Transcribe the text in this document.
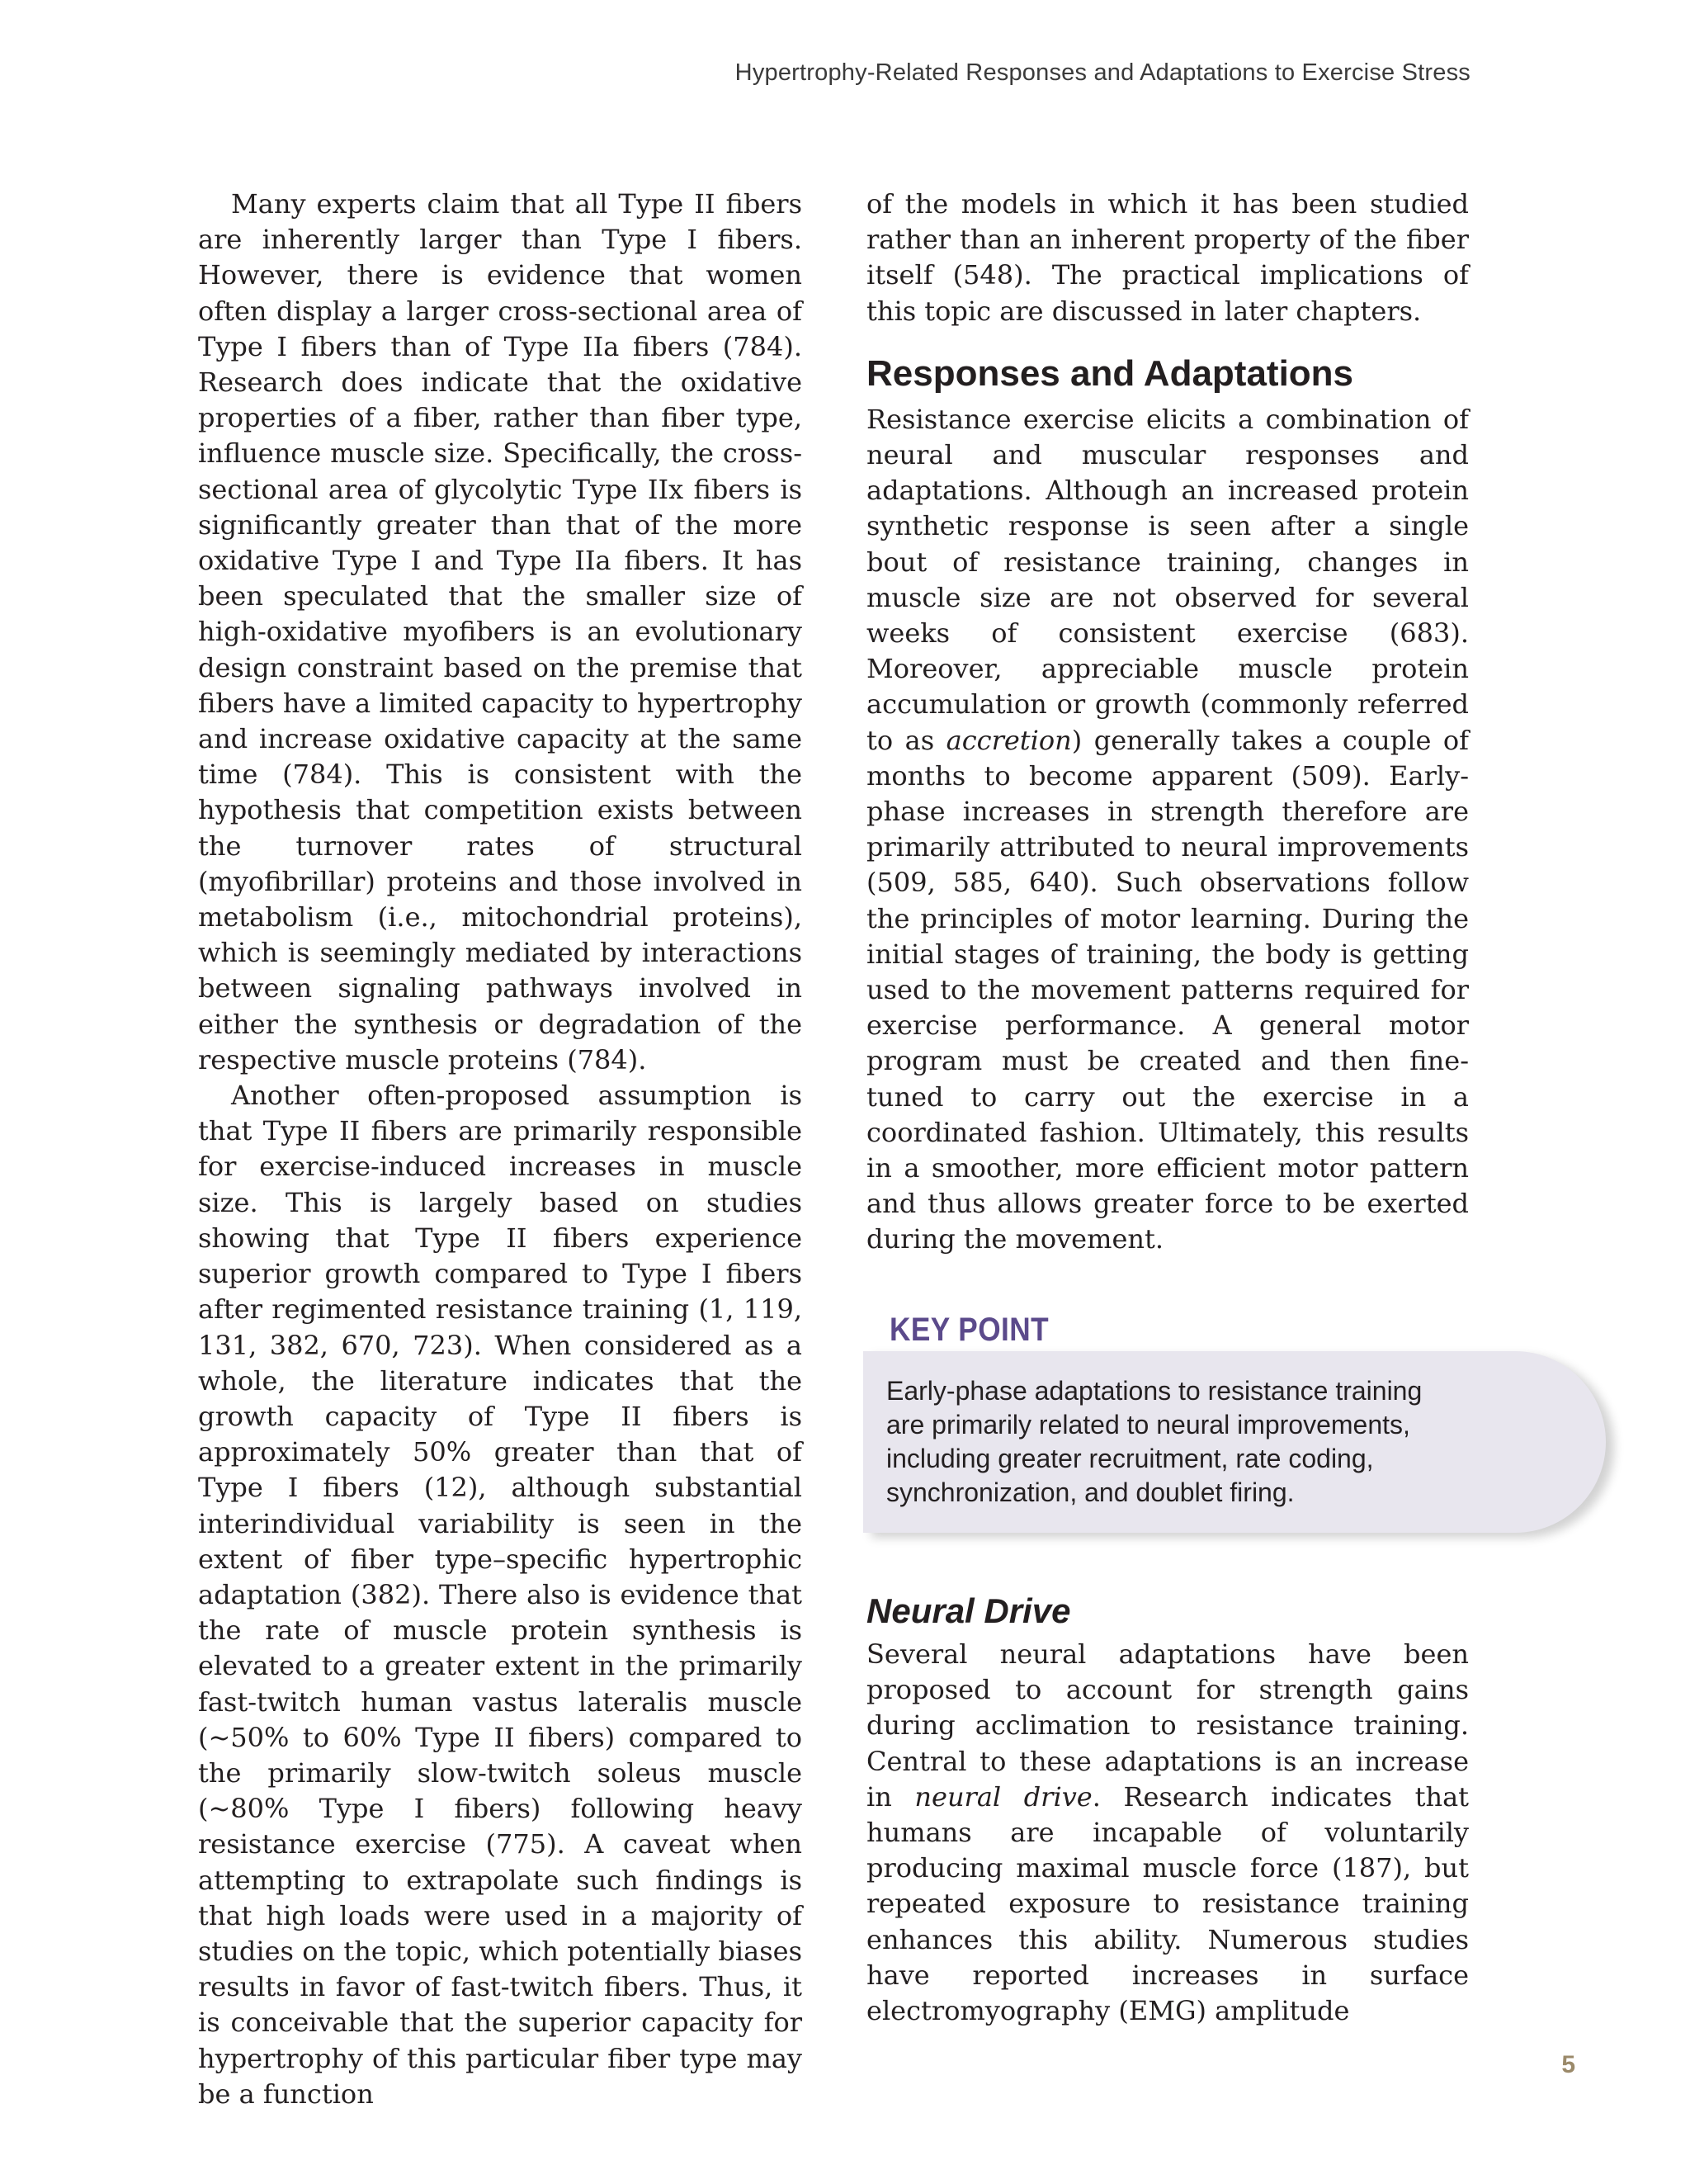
Hypertrophy-Related Responses and Adaptations to Exercise Stress

Many experts claim that all Type II fibers are inherently larger than Type I fibers. However, there is evidence that women often display a larger cross-sectional area of Type I fibers than of Type IIa fibers (784). Research does indicate that the oxidative properties of a fiber, rather than fiber type, influence muscle size. Specifically, the cross-sectional area of glycolytic Type IIx fibers is significantly greater than that of the more oxidative Type I and Type IIa fibers. It has been speculated that the smaller size of high-oxidative myofibers is an evolutionary design constraint based on the premise that fibers have a limited capacity to hypertrophy and increase oxidative capacity at the same time (784). This is consistent with the hypothesis that competition exists between the turnover rates of structural (myofibrillar) proteins and those involved in metabolism (i.e., mitochondrial proteins), which is seemingly mediated by interactions between signaling pathways involved in either the synthesis or degradation of the respective muscle proteins (784).

Another often-proposed assumption is that Type II fibers are primarily responsible for exercise-induced increases in muscle size. This is largely based on studies showing that Type II fibers experience superior growth compared to Type I fibers after regimented resistance training (1, 119, 131, 382, 670, 723). When considered as a whole, the literature indicates that the growth capacity of Type II fibers is approximately 50% greater than that of Type I fibers (12), although substantial interindividual variability is seen in the extent of fiber type–specific hypertrophic adaptation (382). There also is evidence that the rate of muscle protein synthesis is elevated to a greater extent in the primarily fast-twitch human vastus lateralis muscle (~50% to 60% Type II fibers) compared to the primarily slow-twitch soleus muscle (~80% Type I fibers) following heavy resistance exercise (775). A caveat when attempting to extrapolate such findings is that high loads were used in a majority of studies on the topic, which potentially biases results in favor of fast-twitch fibers. Thus, it is conceivable that the superior capacity for hypertrophy of this particular fiber type may be a function

of the models in which it has been studied rather than an inherent property of the fiber itself (548). The practical implications of this topic are discussed in later chapters.

Responses and Adaptations

Resistance exercise elicits a combination of neural and muscular responses and adaptations. Although an increased protein synthetic response is seen after a single bout of resistance training, changes in muscle size are not observed for several weeks of consistent exercise (683). Moreover, appreciable muscle protein accumulation or growth (commonly referred to as accretion) generally takes a couple of months to become apparent (509). Early-phase increases in strength therefore are primarily attributed to neural improvements (509, 585, 640). Such observations follow the principles of motor learning. During the initial stages of training, the body is getting used to the movement patterns required for exercise performance. A general motor program must be created and then fine-tuned to carry out the exercise in a coordinated fashion. Ultimately, this results in a smoother, more efficient motor pattern and thus allows greater force to be exerted during the movement.

KEY POINT
Early-phase adaptations to resistance training are primarily related to neural improvements, including greater recruitment, rate coding, synchronization, and doublet firing.
Neural Drive

Several neural adaptations have been proposed to account for strength gains during acclimation to resistance training. Central to these adaptations is an increase in neural drive. Research indicates that humans are incapable of voluntarily producing maximal muscle force (187), but repeated exposure to resistance training enhances this ability. Numerous studies have reported increases in surface electromyography (EMG) amplitude

5
